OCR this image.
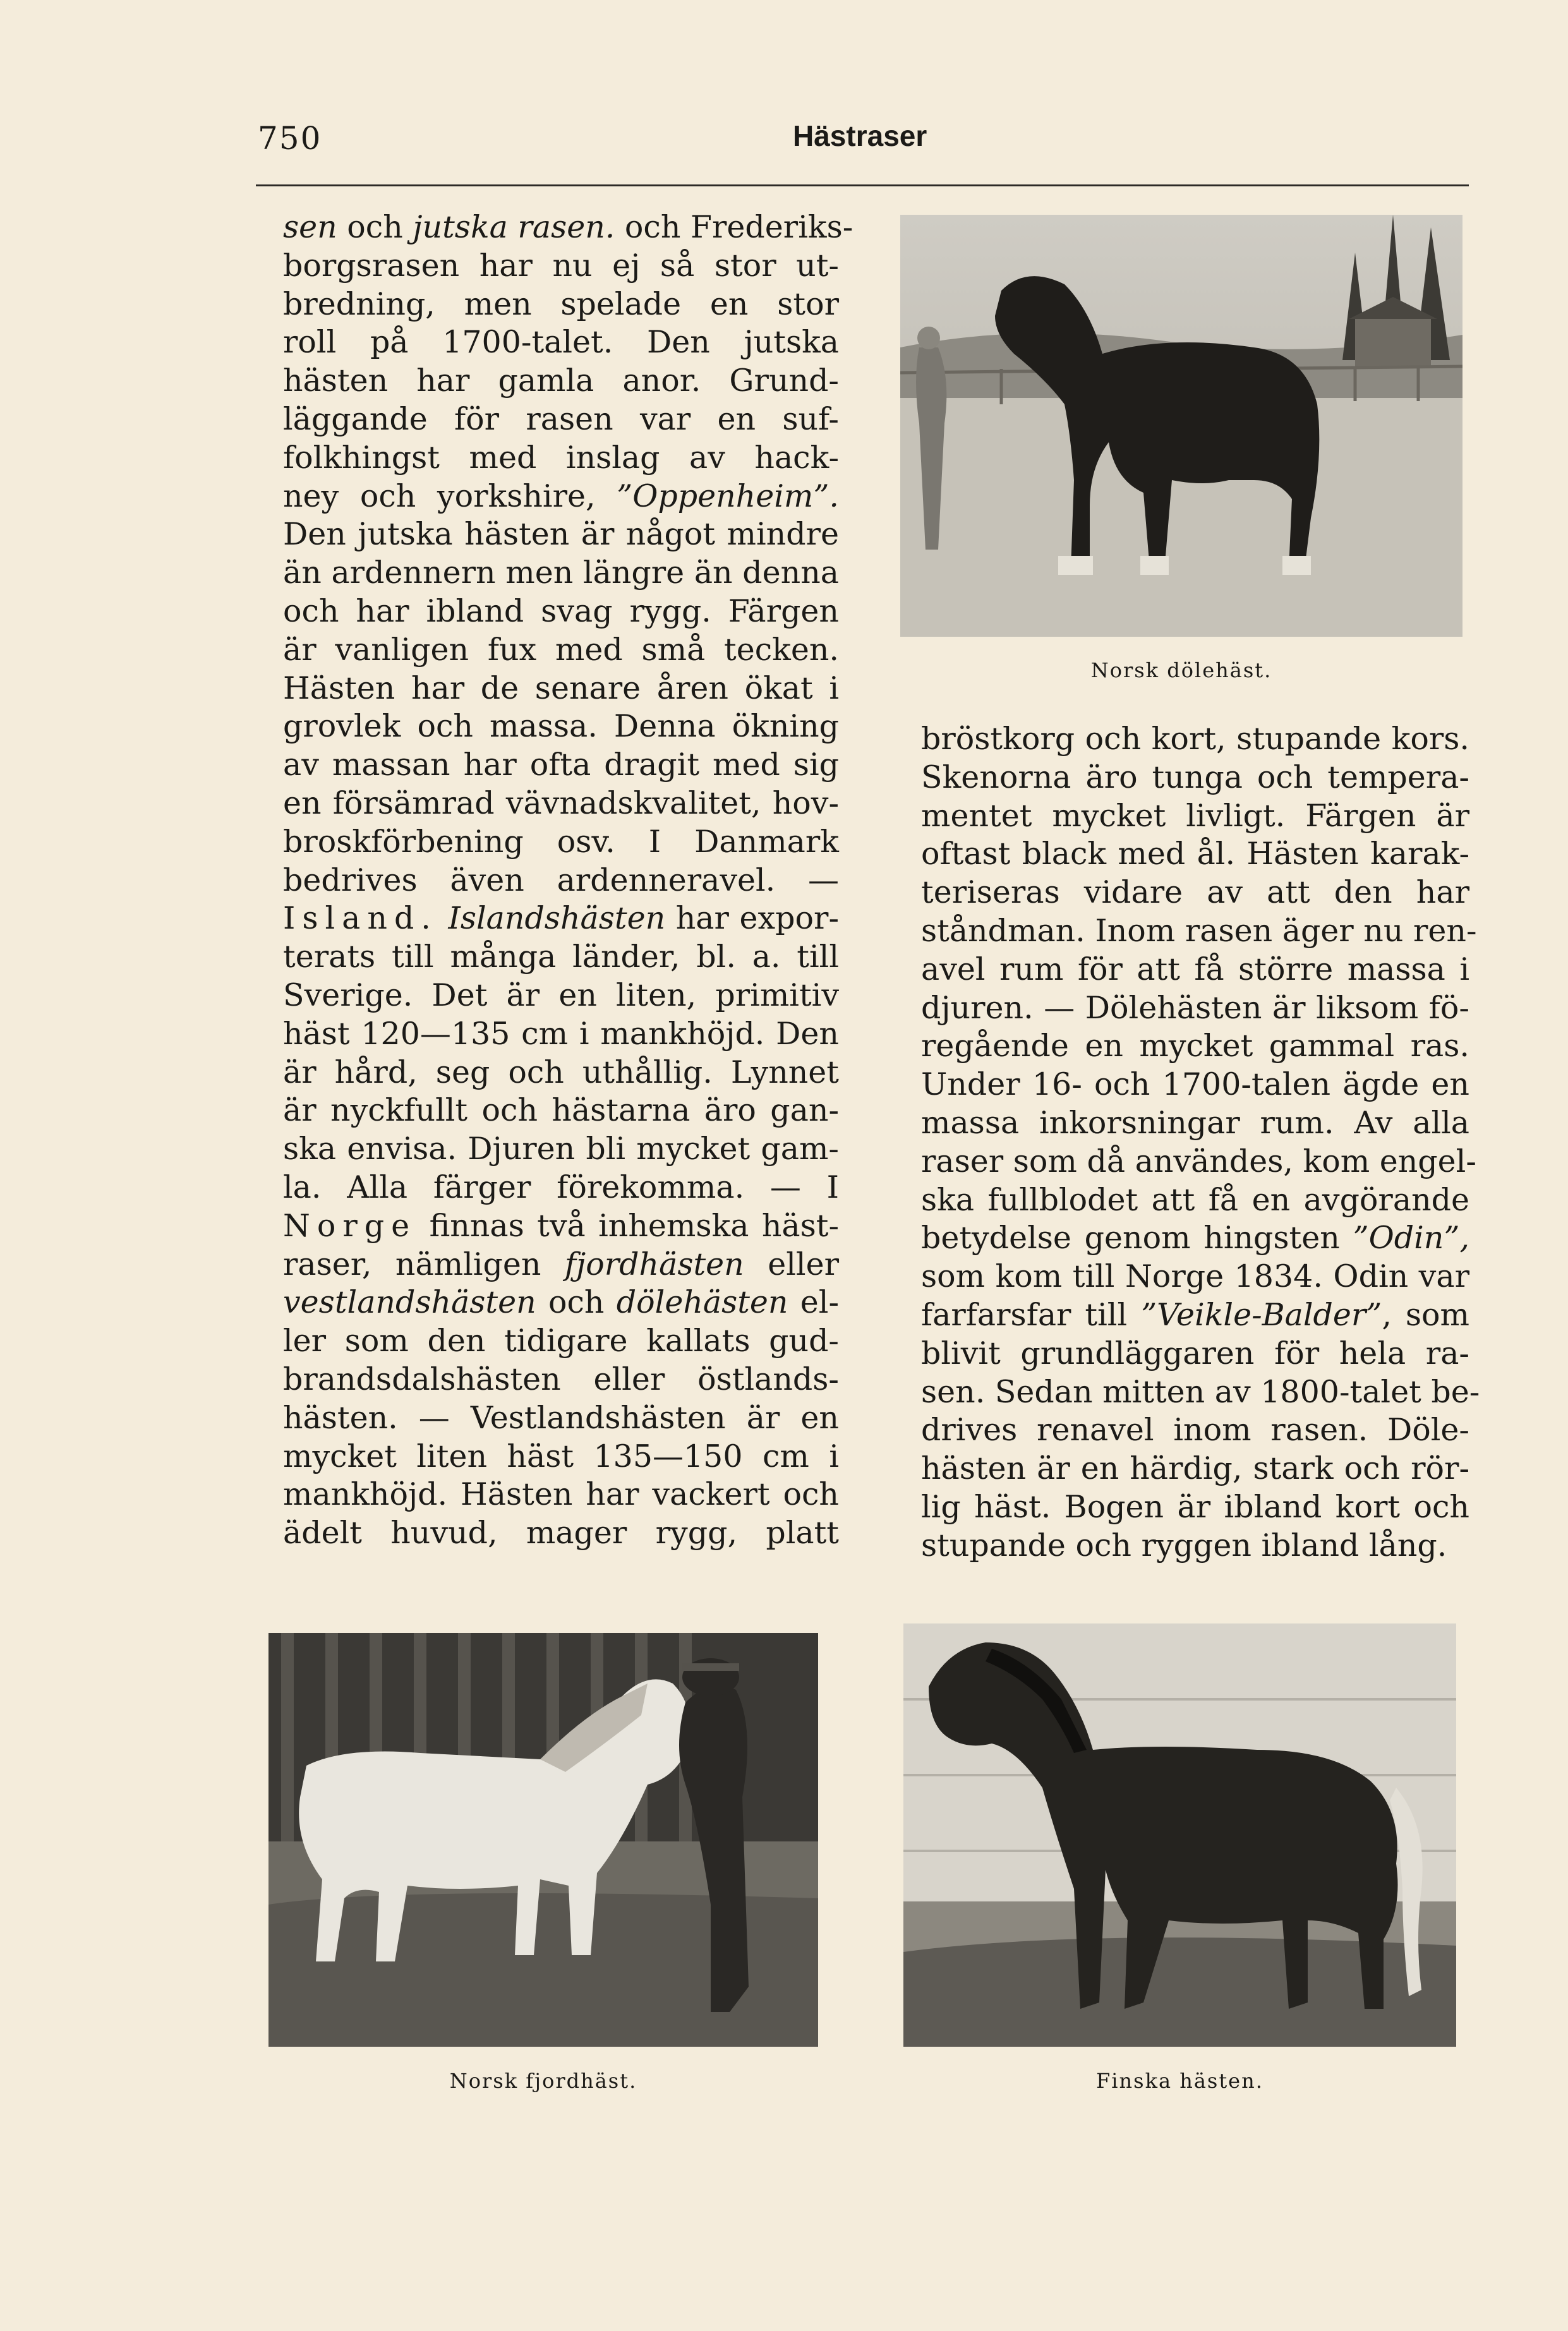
750	Hästraser
sen och jutska rasen. och Frederiks-
borgsrasen har nu ej så stor ut-
bredning, men spelade en stor
roll på 1700-talet. Den jutska
hästen har gamla anor. Grund-
läggande för rasen var en suf-
folkhingst med inslag av hack-
ney och yorkshire, ”Oppenheim”.
Den jutska hästen är något mindre
än ardennern men längre än denna
och har ibland svag rygg. Färgen
är vanligen fux med små tecken.
Hästen har de senare åren ökat i
grovlek och massa. Denna ökning
av massan har ofta dragit med sig
en försämrad vävnadskvalitet, hov-
broskförbening osv. I Danmark
bedrives även ardenneravel. —
Island. Islandshästen har expor-
terats till många länder, bl. a. till
Sverige. Det är en liten, primitiv
häst 120—135 cm i mankhöjd. Den
är hård, seg och uthållig. Lynnet
är nyckfullt och hästarna äro gan-
ska envisa. Djuren bli mycket gam-
la. Alla färger förekomma. — I
Norge finnas två inhemska häst-
raser, nämligen fjordhästen eller
vestlandshästen och dölehästen el-
ler som den tidigare kallats gud-
brandsdalshästen eller östlands-
hästen. — Vestlandshästen är en
mycket liten häst 135—150 cm i
mankhöjd. Hästen har vackert och
ädelt huvud, mager rygg, platt
bröstkorg och kort, stupande kors.
Skenorna äro tunga och tempera-
mentet mycket livligt. Färgen är
oftast black med ål. Hästen karak-
teriseras vidare av att den har
ståndman. Inom rasen äger nu ren-
avel rum för att få större massa i
djuren. — Dölehästen är liksom fö-
regående en mycket gammal ras.
Under 16- och 1700-talen ägde en
massa inkorsningar rum. Av alla
raser som då användes, kom engel-
ska fullblodet att få en avgörande
betydelse genom hingsten ”Odin”,
som kom till Norge 1834. Odin var
farfarsfar till ”Veikle-Balder”, som
blivit grundläggaren för hela ra-
sen. Sedan mitten av 1800-talet be-
drives renavel inom rasen. Döle-
hästen är en härdig, stark och rör-
lig häst. Bogen är ibland kort och
stupande och ryggen ibland lång.
Norsk dölehäst.
Norsk fjordhäst.	Finska hästen.
